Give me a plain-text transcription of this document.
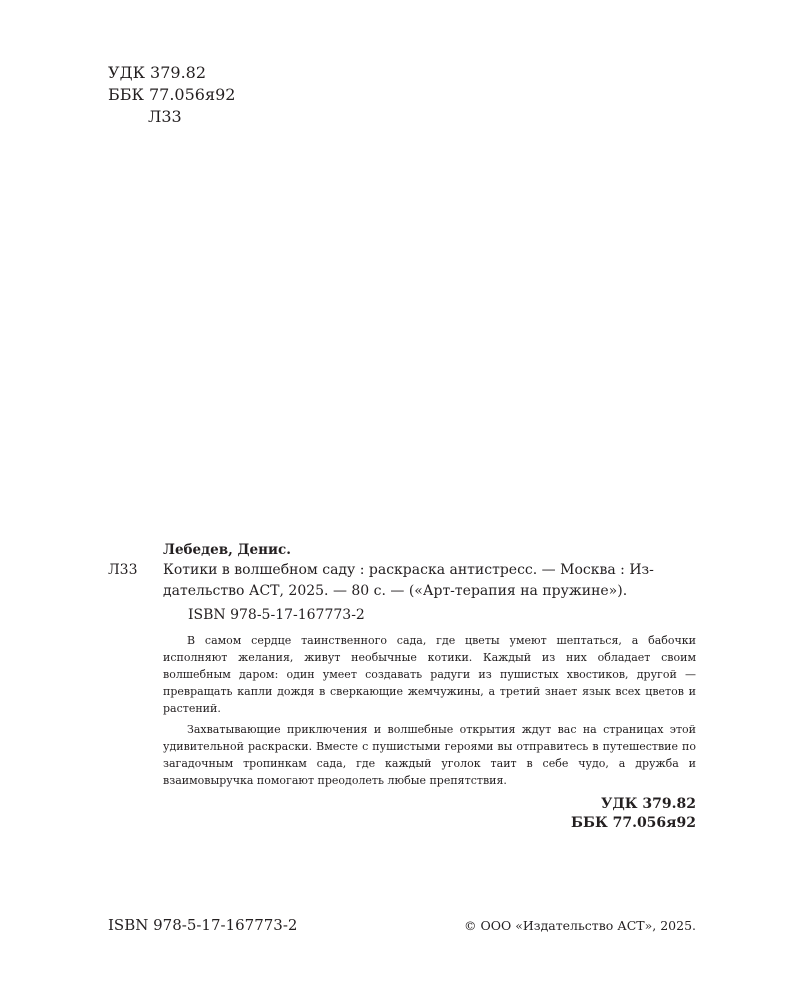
УДК 379.82
ББК 77.056я92
Л33
Лебедев, Денис.
Л33 Котики в волшебном саду : раскраска антистресс. — Москва : Из-
дательство АСТ, 2025. — 80 с. — («Арт-терапия на пружине»).
ISBN 978-5-17-167773-2

В самом сердце таинственного сада, где цветы умеют шептаться, а бабочки исполняют желания, живут необычные котики. Каждый из них обладает своим волшебным даром: один умеет создавать радуги из пушистых хвостиков, другой — превращать капли дождя в сверкающие жемчужины, а третий знает язык всех цветов и растений.

Захватывающие приключения и волшебные открытия ждут вас на страницах этой удивительной раскраски. Вместе с пушистыми героями вы отправитесь в путешествие по загадочным тропинкам сада, где каждый уголок таит в себе чудо, а дружба и взаимовыручка помогают преодолеть любые препятствия.

УДК 379.82
ББК 77.056я92
ISBN 978-5-17-167773-2	© ООО «Издательство АСТ», 2025.
